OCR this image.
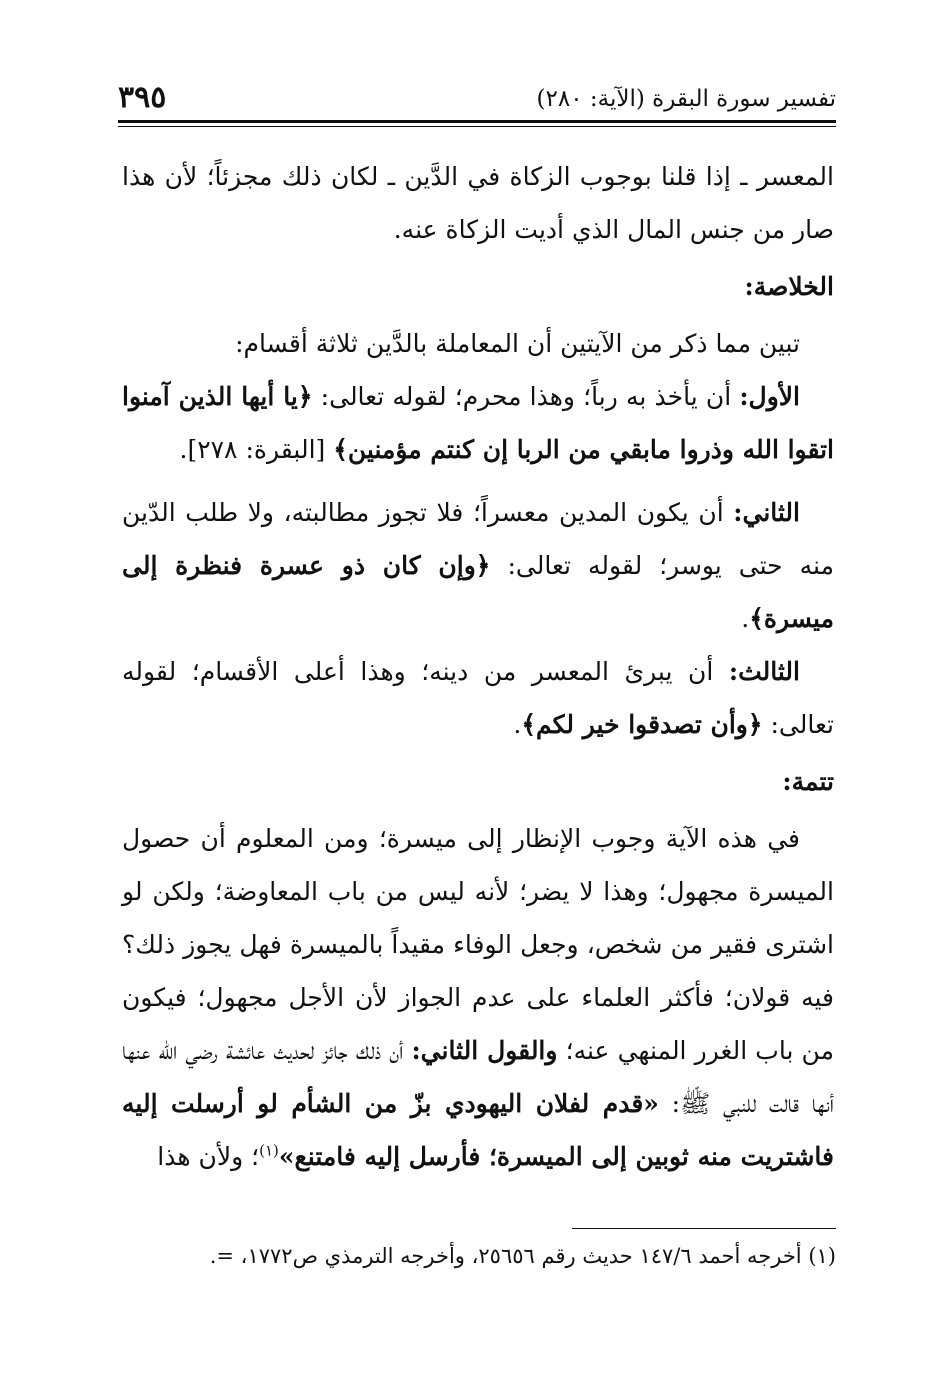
تفسير سورة البقرة (الآية: ٢٨٠)
٣٩٥

المعسر ـ إذا قلنا بوجوب الزكاة في الدَّين ـ لكان ذلك مجزئاً؛ لأن هذا صار من جنس المال الذي أديت الزكاة عنه.

الخلاصة:

تبين مما ذكر من الآيتين أن المعاملة بالدَّين ثلاثة أقسام:

الأول: أن يأخذ به رباً؛ وهذا محرم؛ لقوله تعالى: ﴿يا أيها الذين آمنوا اتقوا الله وذروا مابقي من الربا إن كنتم مؤمنين﴾ [البقرة: ٢٧٨].

الثاني: أن يكون المدين معسراً؛ فلا تجوز مطالبته، ولا طلب الدّين منه حتى يوسر؛ لقوله تعالى: ﴿وإن كان ذو عسرة فنظرة إلى ميسرة﴾.

الثالث: أن يبرئ المعسر من دينه؛ وهذا أعلى الأقسام؛ لقوله تعالى: ﴿وأن تصدقوا خير لكم﴾.

تتمة:

في هذه الآية وجوب الإنظار إلى ميسرة؛ ومن المعلوم أن حصول الميسرة مجهول؛ وهذا لا يضر؛ لأنه ليس من باب المعاوضة؛ ولكن لو اشترى فقير من شخص، وجعل الوفاء مقيداً بالميسرة فهل يجوز ذلك؟ فيه قولان؛ فأكثر العلماء على عدم الجواز لأن الأجل مجهول؛ فيكون من باب الغرر المنهي عنه؛ والقول الثاني: أن ذلك جائز لحديث عائشة رضي الله عنها أنها قالت للنبي ﷺ: «قدم لفلان اليهودي بزّ من الشأم لو أرسلت إليه فاشتريت منه ثوبين إلى الميسرة؛ فأرسل إليه فامتنع»$^{(١)}$؛ ولأن هذا

(١) أخرجه أحمد ١٤٧/٦ حديث رقم ٢٥٦٥٦، وأخرجه الترمذي ص١٧٧٢، =.
